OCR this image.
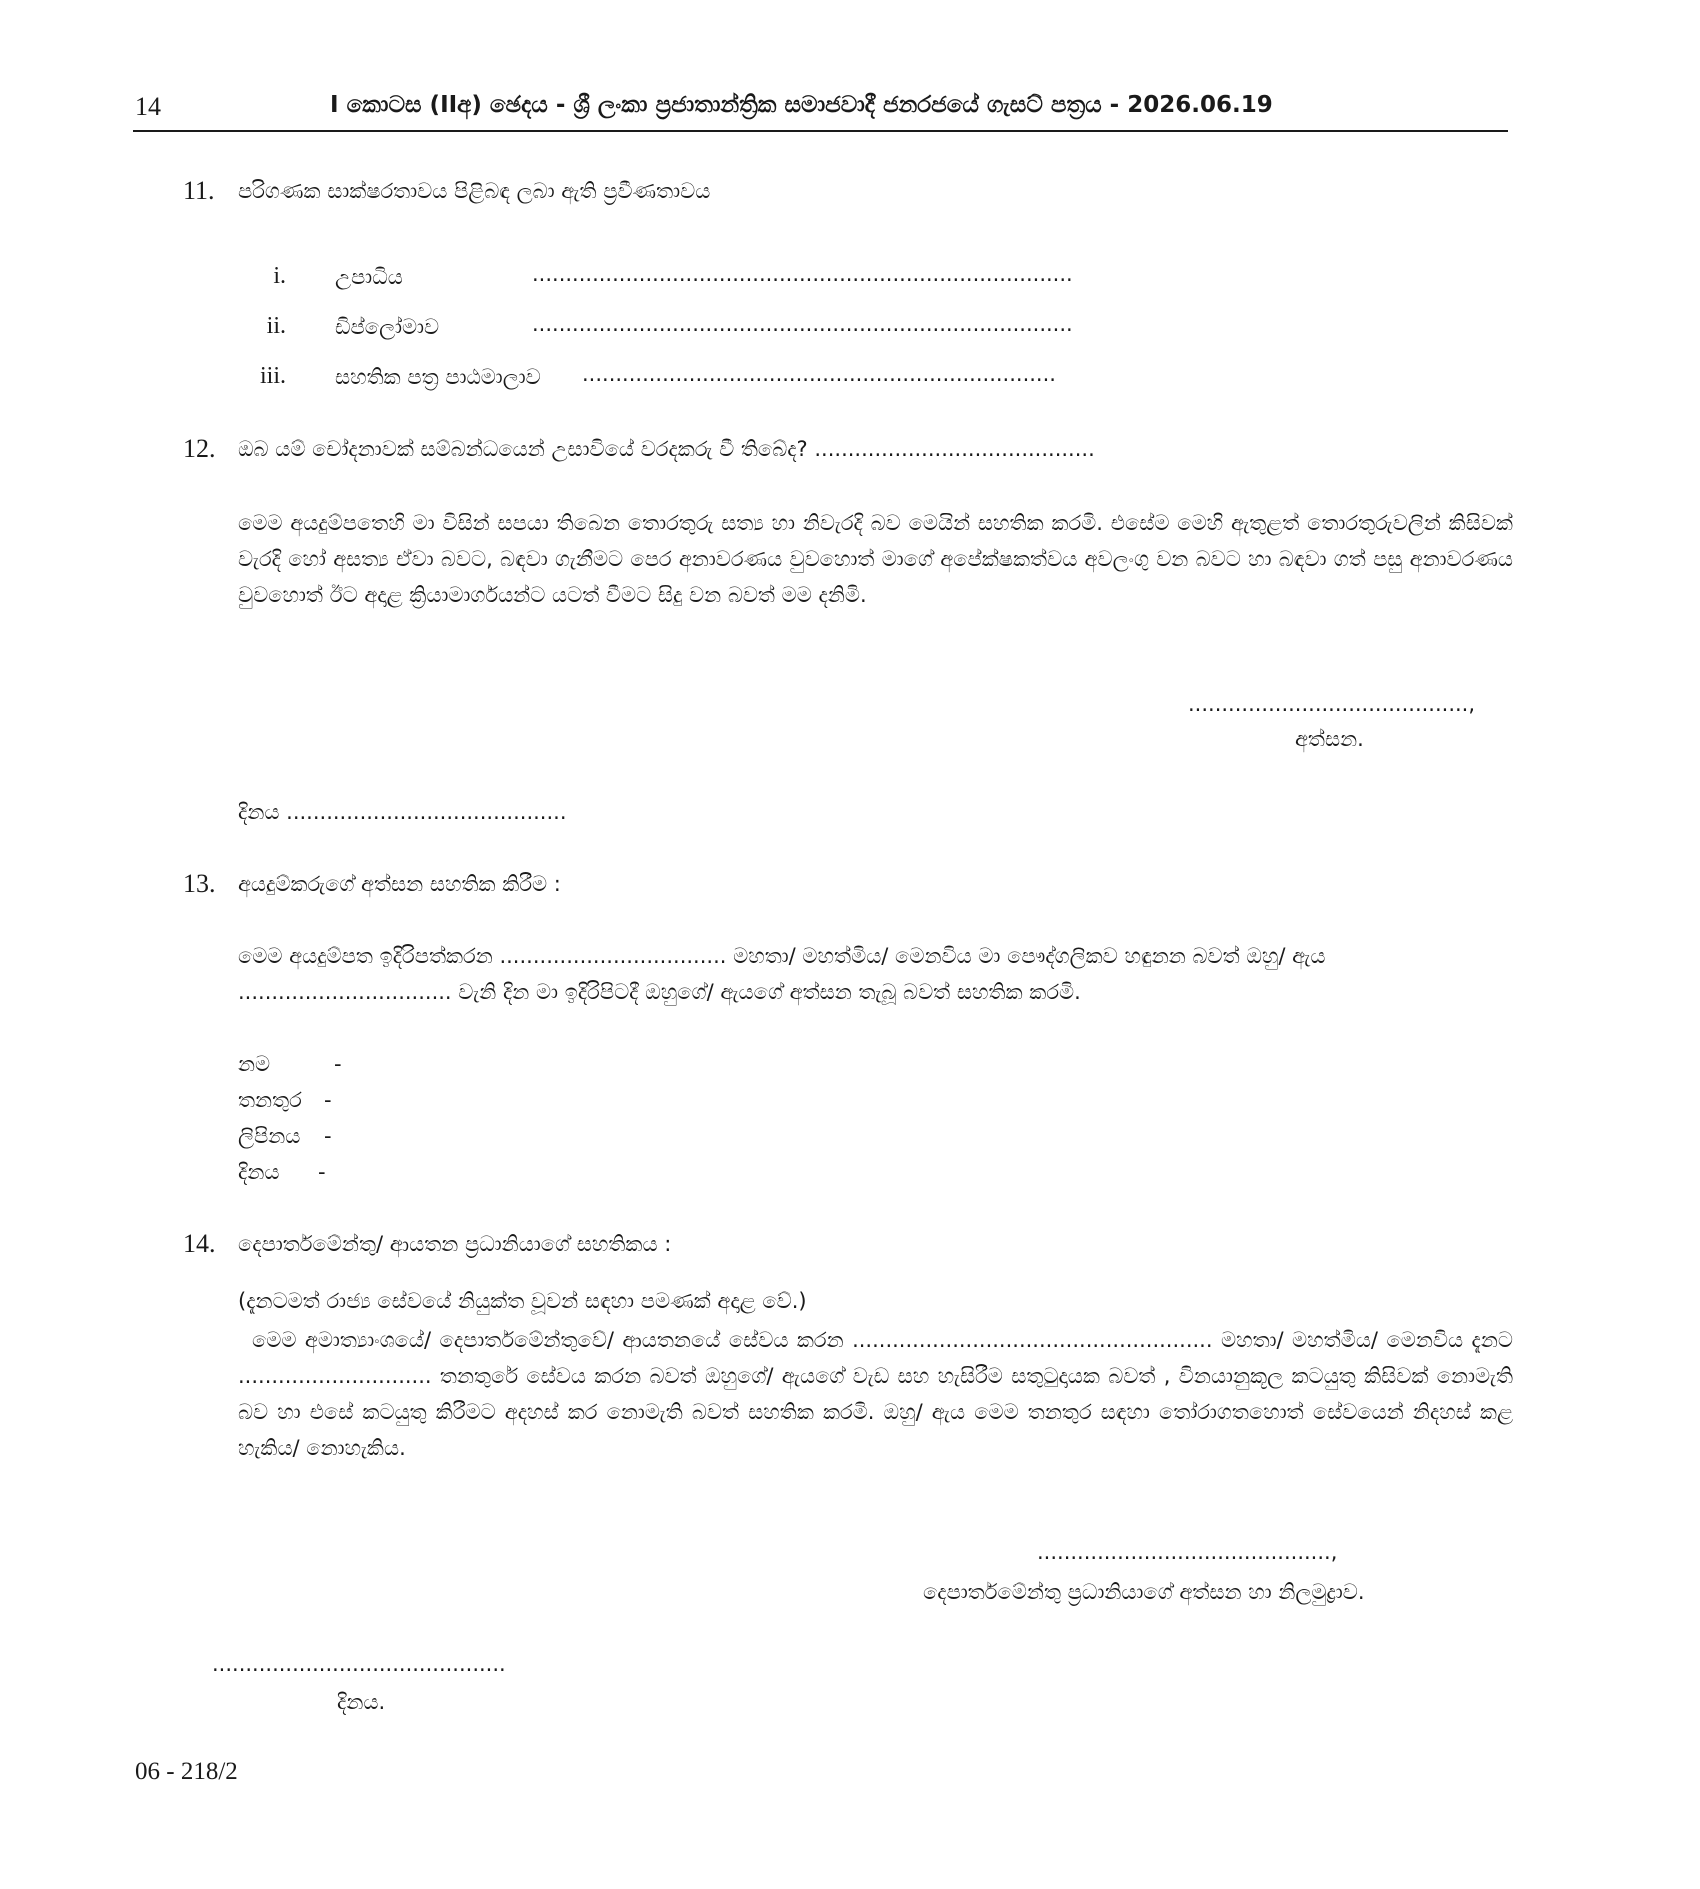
14	I කොටස (IIඅ) ඡෙදය - ශ්‍රී ලංකා ප්‍රජාතාන්ත්‍රික සමාජවාදී ජනරජයේ ගැසට් පත්‍රය - 2026.06.19
11. පරිගණක සාක්ෂරතාවය පිළිබඳ ලබා ඇති ප්‍රවීණතාවය
i. උපාධිය	.................................................................................
ii. ඩිප්ලෝමාව	.................................................................................
iii. සහතික පත්‍ර පාඨමාලාව .......................................................................
12. ඔබ යම් චෝදනාවක් සම්බන්ධයෙන් උසාවියේ වරදකරු වී තිබේද? ..........................................
මෙම අයදුම්පතෙහි මා විසින් සපයා තිබෙන තොරතුරු සත්‍ය හා නිවැරදි බව මෙයින් සහතික කරමි. එසේම මෙහි ඇතුළත් තොරතුරුවලින් කිසිවක් වැරදි හෝ අසත්‍ය ඒවා බවට, බඳවා ගැනීමට පෙර අනාවරණය වුවහොත් මාගේ අපේක්ෂකත්වය අවලංගු වන බවට හා බඳවා ගත් පසු අනාවරණය වුවහොත් ඊට අදාළ ක්‍රියාමාර්ගයන්ට යටත් වීමට සිදු වන බවත් මම දනිමි.
..........................................,
අත්සන.
දිනය ..........................................
13. අයදුම්කරුගේ අත්සන සහතික කිරීම :
මෙම අයදුම්පත ඉදිරිපත්කරන .................................. මහතා/ මහත්මිය/ මෙනවිය මා පෞද්ගලිකව හඳුනන බවත් ඔහු/ ඇය
................................ වැනි දින මා ඉදිරිපිටදී ඔහුගේ/ ඇයගේ අත්සන තැබූ බවත් සහතික කරමි.
නම	-
තනතුර -
ලිපිනය -
දිනය -
14. දෙපාර්තමේන්තු/ ආයතන ප්‍රධානියාගේ සහතිකය :
(දැනටමත් රාජ්‍ය සේවයේ නියුක්ත වූවන් සඳහා පමණක් අදාළ වේ.)
මෙම අමාත්‍යාංශයේ/ දෙපාර්තමේන්තුවේ/ ආයතනයේ සේවය කරන ...................................................... මහතා/ මහත්මිය/ මෙනවිය දැනට ............................. තනතුරේ සේවය කරන බවත් ඔහුගේ/ ඇයගේ වැඩ සහ හැසිරීම සතුටුදායක බවත් , විනයානුකූල කටයුතු කිසිවක් නොමැති බව හා එසේ කටයුතු කිරීමට අදහස් කර නොමැති බවත් සහතික කරමි. ඔහු/ ඇය මෙම තනතුර සඳහා තෝරාගතහොත් සේවයෙන් නිදහස් කළ හැකිය/ නොහැකිය.
............................................,
දෙපාර්තමේන්තු ප්‍රධානියාගේ අත්සන හා නිලමුද්‍රාව.
............................................
දිනය.
06 - 218/2
